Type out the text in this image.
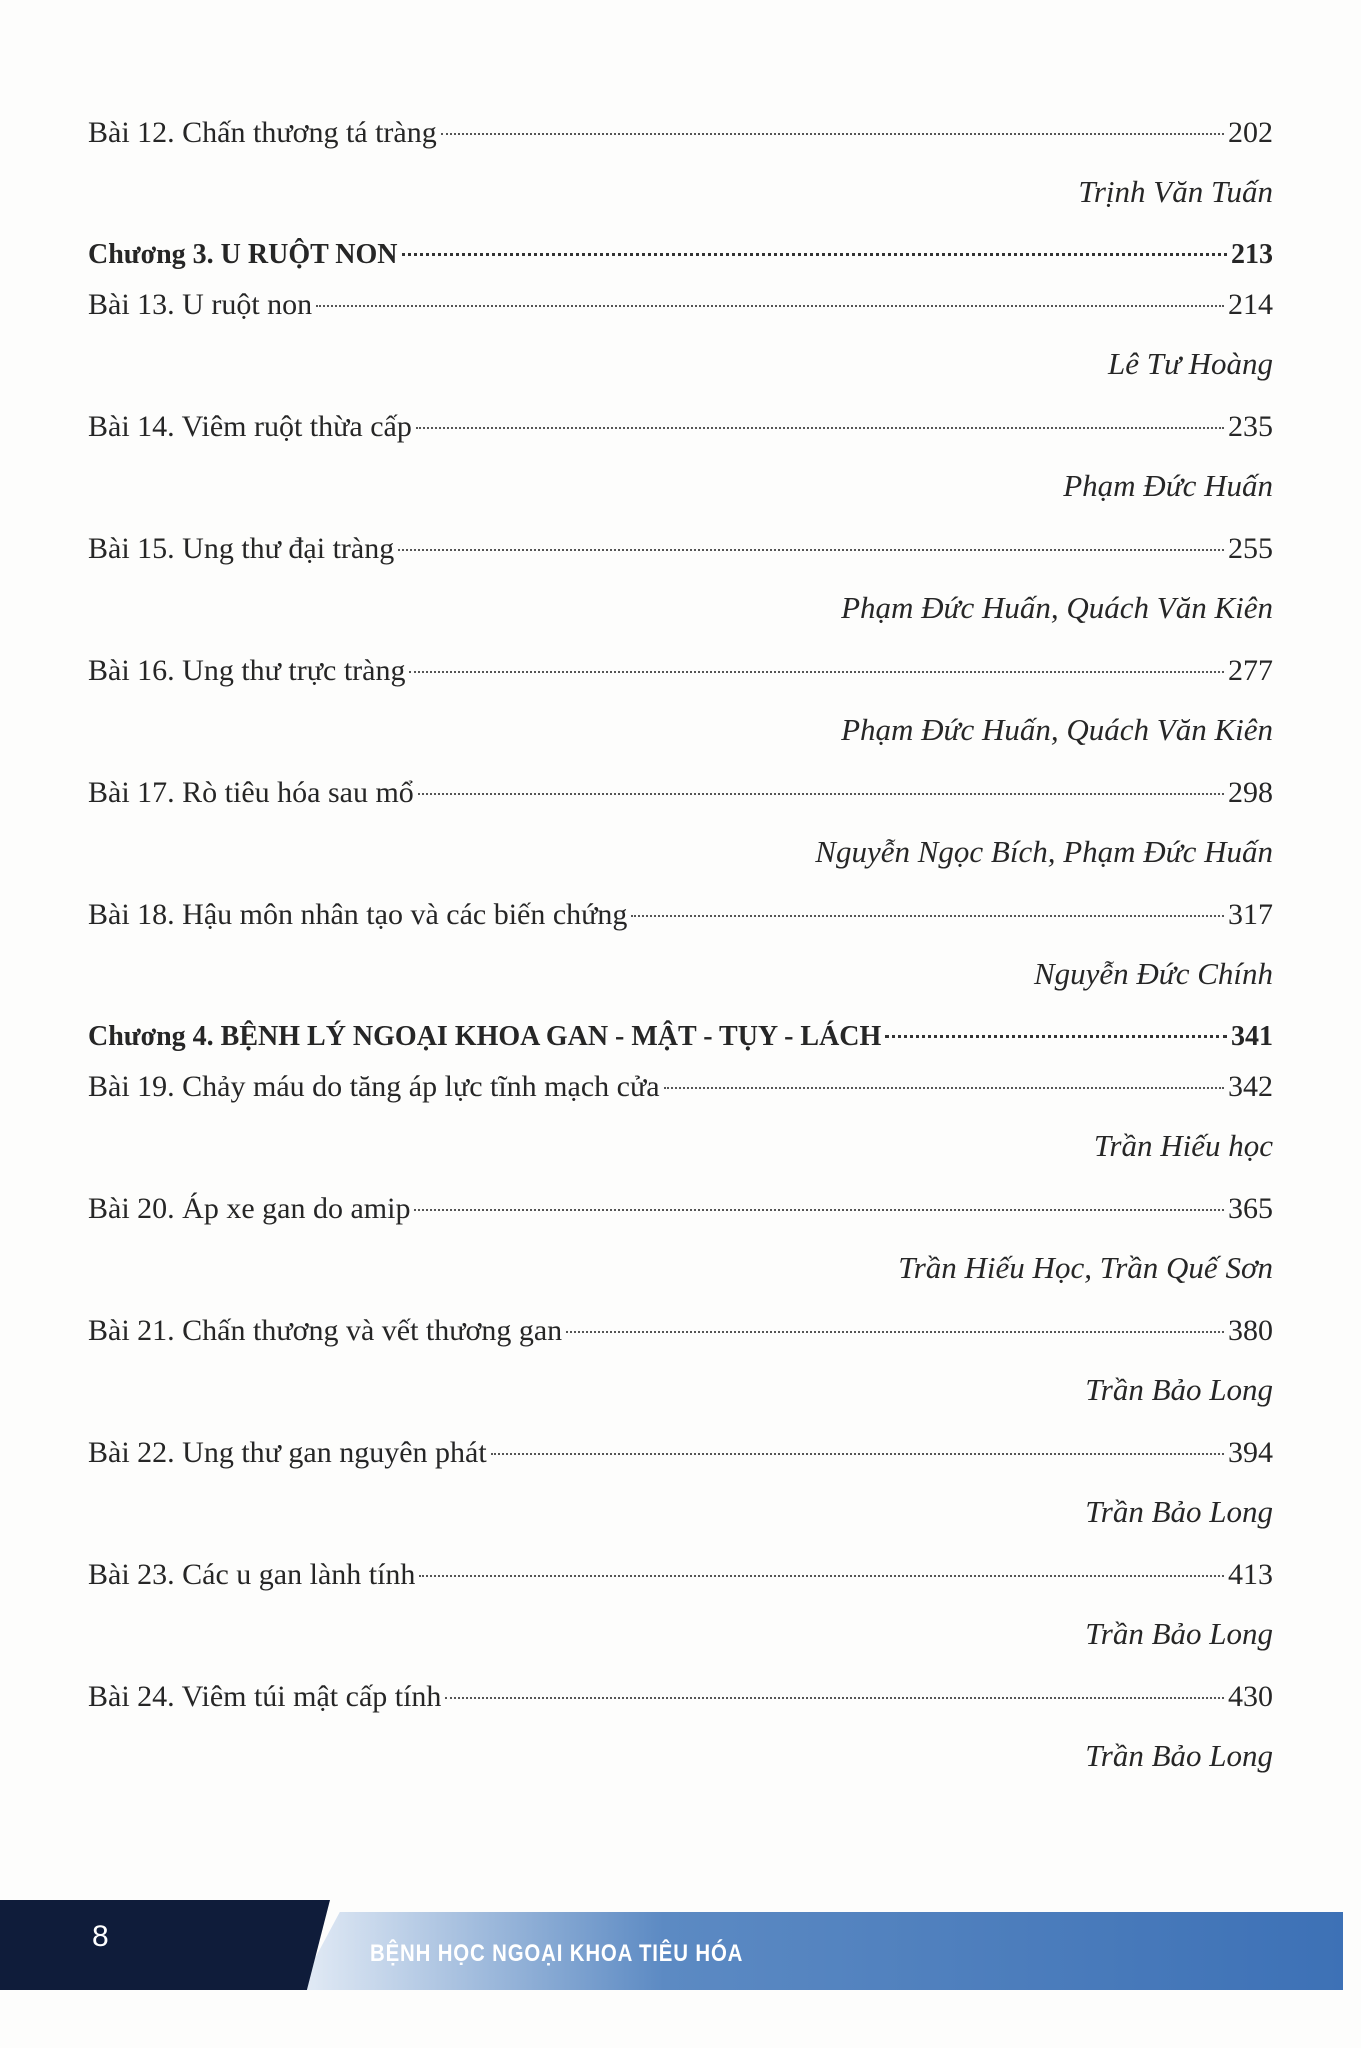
Bài 12. Chấn thương tá tràng	202
Trịnh Văn Tuấn
Chương 3. U RUỘT NON	213
Bài 13. U ruột non	214
Lê Tư Hoàng
Bài 14. Viêm ruột thừa cấp	235
Phạm Đức Huấn
Bài 15. Ung thư đại tràng	255
Phạm Đức Huấn, Quách Văn Kiên
Bài 16. Ung thư trực tràng	277
Phạm Đức Huấn, Quách Văn Kiên
Bài 17. Rò tiêu hóa sau mổ	298
Nguyễn Ngọc Bích, Phạm Đức Huấn
Bài 18. Hậu môn nhân tạo và các biến chứng	317
Nguyễn Đức Chính
Chương 4. BỆNH LÝ NGOẠI KHOA GAN - MẬT - TỤY - LÁCH	341
Bài 19. Chảy máu do tăng áp lực tĩnh mạch cửa	342
Trần Hiếu học
Bài 20. Áp xe gan do amip	365
Trần Hiếu Học, Trần Quế Sơn
Bài 21. Chấn thương và vết thương gan	380
Trần Bảo Long
Bài 22. Ung thư gan nguyên phát	394
Trần Bảo Long
Bài 23. Các u gan lành tính	413
Trần Bảo Long
Bài 24. Viêm túi mật cấp tính	430
Trần Bảo Long
8
BỆNH HỌC NGOẠI KHOA TIÊU HÓA
